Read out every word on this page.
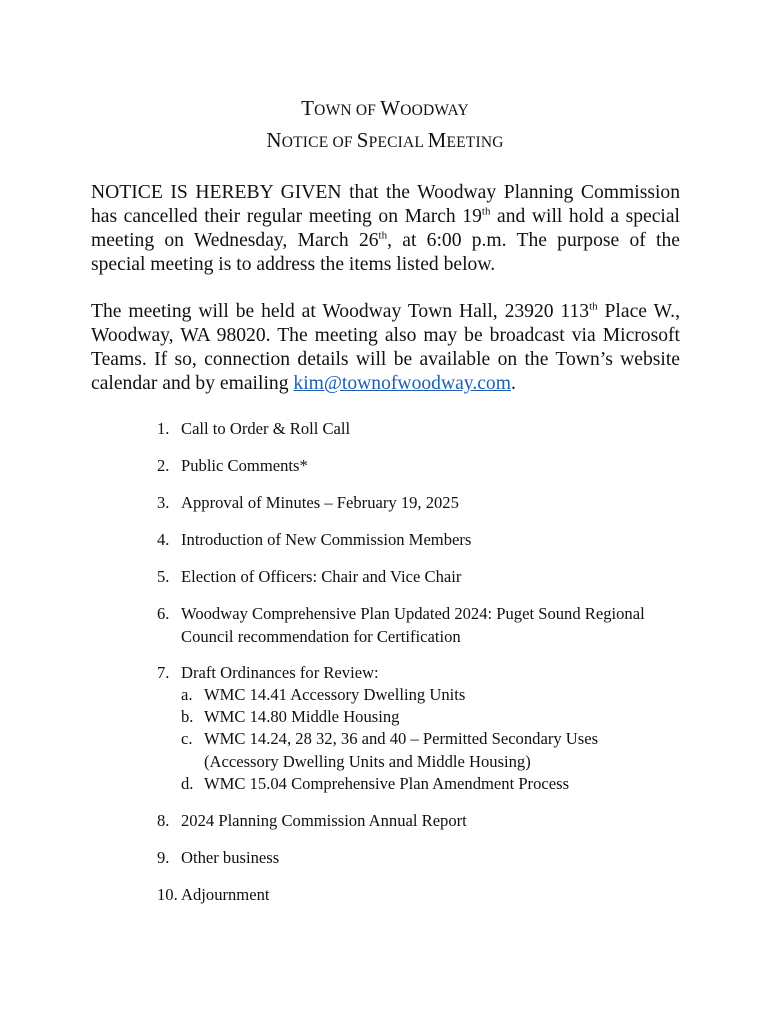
TOWN OF WOODWAY
NOTICE OF SPECIAL MEETING
NOTICE IS HEREBY GIVEN that the Woodway Planning Commission has cancelled their regular meeting on March 19th and will hold a special meeting on Wednesday, March 26th, at 6:00 p.m. The purpose of the special meeting is to address the items listed below.
The meeting will be held at Woodway Town Hall, 23920 113th Place W., Woodway, WA 98020. The meeting also may be broadcast via Microsoft Teams. If so, connection details will be available on the Town’s website calendar and by emailing kim@townofwoodway.com.
1. Call to Order & Roll Call
2. Public Comments*
3. Approval of Minutes – February 19, 2025
4. Introduction of New Commission Members
5. Election of Officers: Chair and Vice Chair
6. Woodway Comprehensive Plan Updated 2024: Puget Sound Regional Council recommendation for Certification
7. Draft Ordinances for Review:
a. WMC 14.41 Accessory Dwelling Units
b. WMC 14.80 Middle Housing
c. WMC 14.24, 28 32, 36 and 40 – Permitted Secondary Uses (Accessory Dwelling Units and Middle Housing)
d. WMC 15.04 Comprehensive Plan Amendment Process
8. 2024 Planning Commission Annual Report
9. Other business
10. Adjournment
